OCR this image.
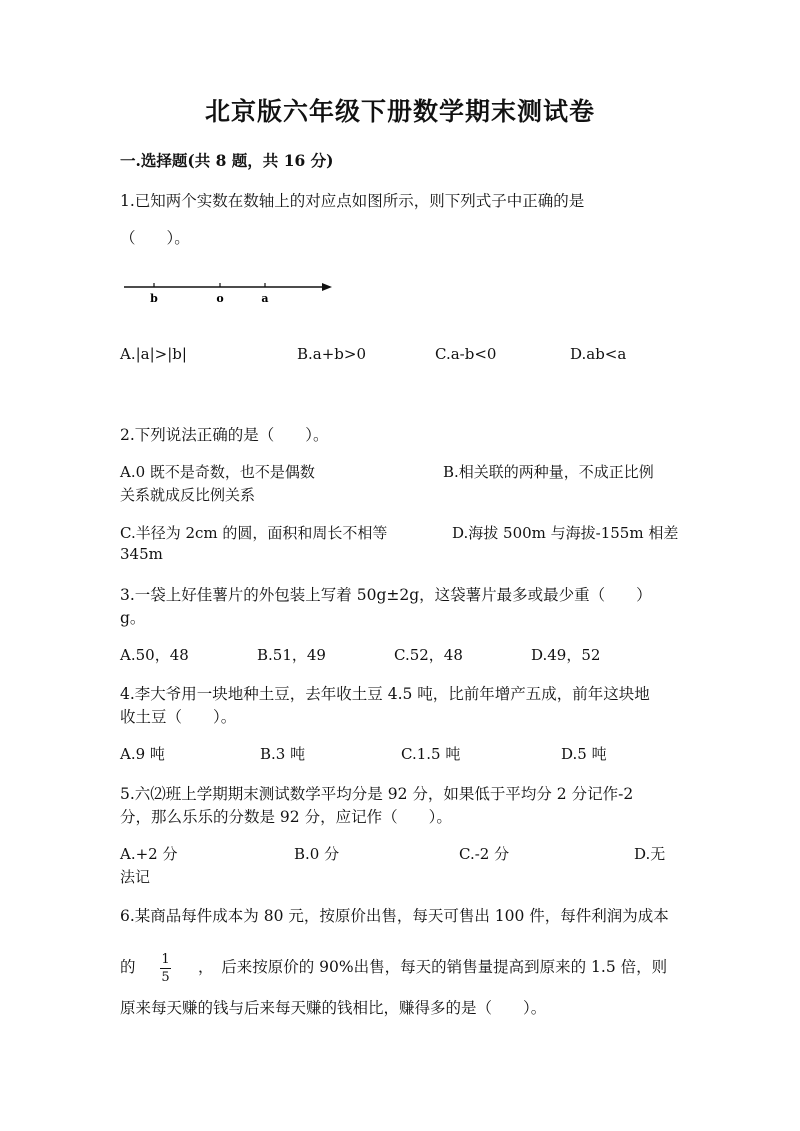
北京版六年级下册数学期末测试卷
一.选择题(共 8 题，共 16 分)
1.已知两个实数在数轴上的对应点如图所示，则下列式子中正确的是
（　　）。
b	o	a
A.|a|>|b|	B.a+b>0	C.a-b<0	D.ab<a
2.下列说法正确的是（　　）。
A.0 既不是奇数，也不是偶数	B.相关联的两种量，不成正比例
关系就成反比例关系
C.半径为 2cm 的圆，面积和周长不相等	D.海拔 500m 与海拔-155m 相差
345m
3.一袋上好佳薯片的外包装上写着 50g±2g，这袋薯片最多或最少重（　　）
g。
A.50，48	B.51，49	C.52，48	D.49，52
4.李大爷用一块地种土豆，去年收土豆 4.5 吨，比前年增产五成，前年这块地
收土豆（　　）。
A.9 吨	B.3 吨	C.1.5 吨	D.5 吨
5.六⑵班上学期期末测试数学平均分是 92 分，如果低于平均分 2 分记作-2
分，那么乐乐的分数是 92 分，应记作（　　）。
A.+2 分	B.0 分	C.-2 分	D.无
法记
6.某商品每件成本为 80 元，按原价出售，每天可售出 100 件，每件利润为成本
的 $\frac{1}{5}$ ，　后来按原价的 90%出售，每天的销售量提高到原来的 1.5 倍，则
原来每天赚的钱与后来每天赚的钱相比，赚得多的是（　　）。
